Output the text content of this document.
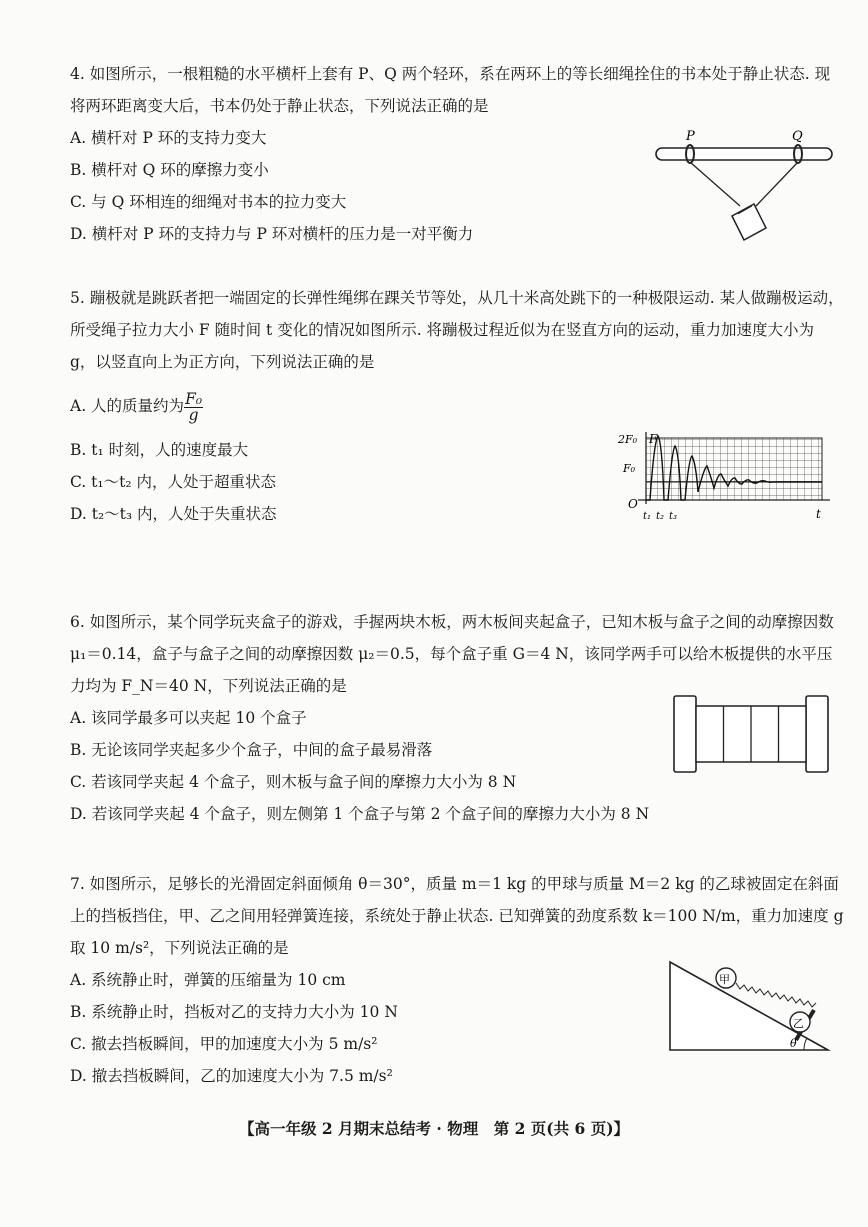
4. 如图所示，一根粗糙的水平横杆上套有 P、Q 两个轻环，系在两环上的等长细绳拴住的书本处于静止状态. 现将两环距离变大后，书本仍处于静止状态，下列说法正确的是

A. 横杆对 P 环的支持力变大

B. 横杆对 Q 环的摩擦力变小

C. 与 Q 环相连的细绳对书本的拉力变大

D. 横杆对 P 环的支持力与 P 环对横杆的压力是一对平衡力

P	Q

5. 蹦极就是跳跃者把一端固定的长弹性绳绑在踝关节等处，从几十米高处跳下的一种极限运动. 某人做蹦极运动，所受绳子拉力大小 F 随时间 t 变化的情况如图所示. 将蹦极过程近似为在竖直方向的运动，重力加速度大小为 g，以竖直向上为正方向，下列说法正确的是

A. 人的质量约为 $\frac{\text{F₀}}{g}$

B. t₁ 时刻，人的速度最大

C. t₁～t₂ 内，人处于超重状态

D. t₂～t₃ 内，人处于失重状态

F
t
2F₀
F₀
O
t₁ t₂ t₃

6. 如图所示，某个同学玩夹盒子的游戏，手握两块木板，两木板间夹起盒子，已知木板与盒子之间的动摩擦因数 μ₁＝0.14，盒子与盒子之间的动摩擦因数 μ₂＝0.5，每个盒子重 G＝4 N，该同学两手可以给木板提供的水平压力均为 F_N＝40 N，下列说法正确的是

A. 该同学最多可以夹起 10 个盒子

B. 无论该同学夹起多少个盒子，中间的盒子最易滑落

C. 若该同学夹起 4 个盒子，则木板与盒子间的摩擦力大小为 8 N

D. 若该同学夹起 4 个盒子，则左侧第 1 个盒子与第 2 个盒子间的摩擦力大小为 8 N

7. 如图所示，足够长的光滑固定斜面倾角 θ＝30°，质量 m＝1 kg 的甲球与质量 M＝2 kg 的乙球被固定在斜面上的挡板挡住，甲、乙之间用轻弹簧连接，系统处于静止状态. 已知弹簧的劲度系数 k＝100 N/m，重力加速度 g 取 10 m/s²，下列说法正确的是

A. 系统静止时，弹簧的压缩量为 10 cm

B. 系统静止时，挡板对乙的支持力大小为 10 N

C. 撤去挡板瞬间，甲的加速度大小为 5 m/s²

D. 撤去挡板瞬间，乙的加速度大小为 7.5 m/s²

甲
乙
θ
【高一年级 2 月期末总结考 · 物理　第 2 页(共 6 页)】
